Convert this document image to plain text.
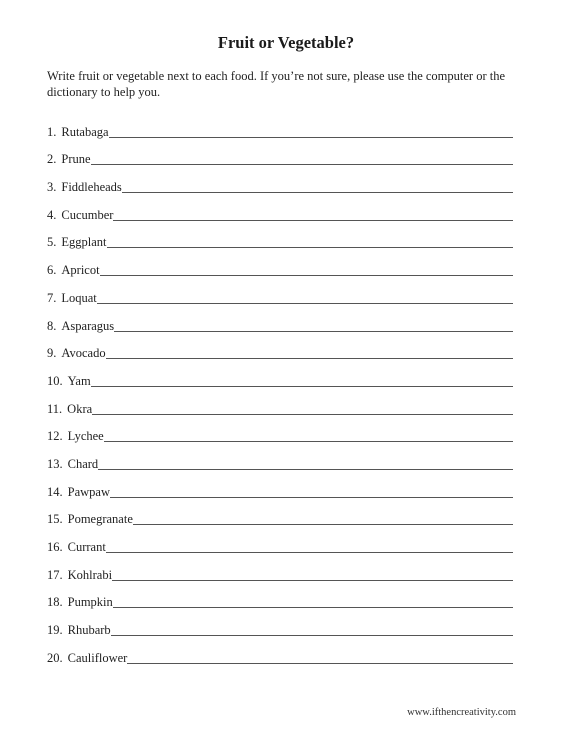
Fruit or Vegetable?

Write fruit or vegetable next to each food. If you’re not sure, please use the computer or the dictionary to help you.

1. Rutabaga
2. Prune
3. Fiddleheads
4. Cucumber
5. Eggplant
6. Apricot
7. Loquat
8. Asparagus
9. Avocado
10. Yam
11. Okra
12. Lychee
13. Chard
14. Pawpaw
15. Pomegranate
16. Currant
17. Kohlrabi
18. Pumpkin
19. Rhubarb
20. Cauliflower

www.ifthencreativity.com
